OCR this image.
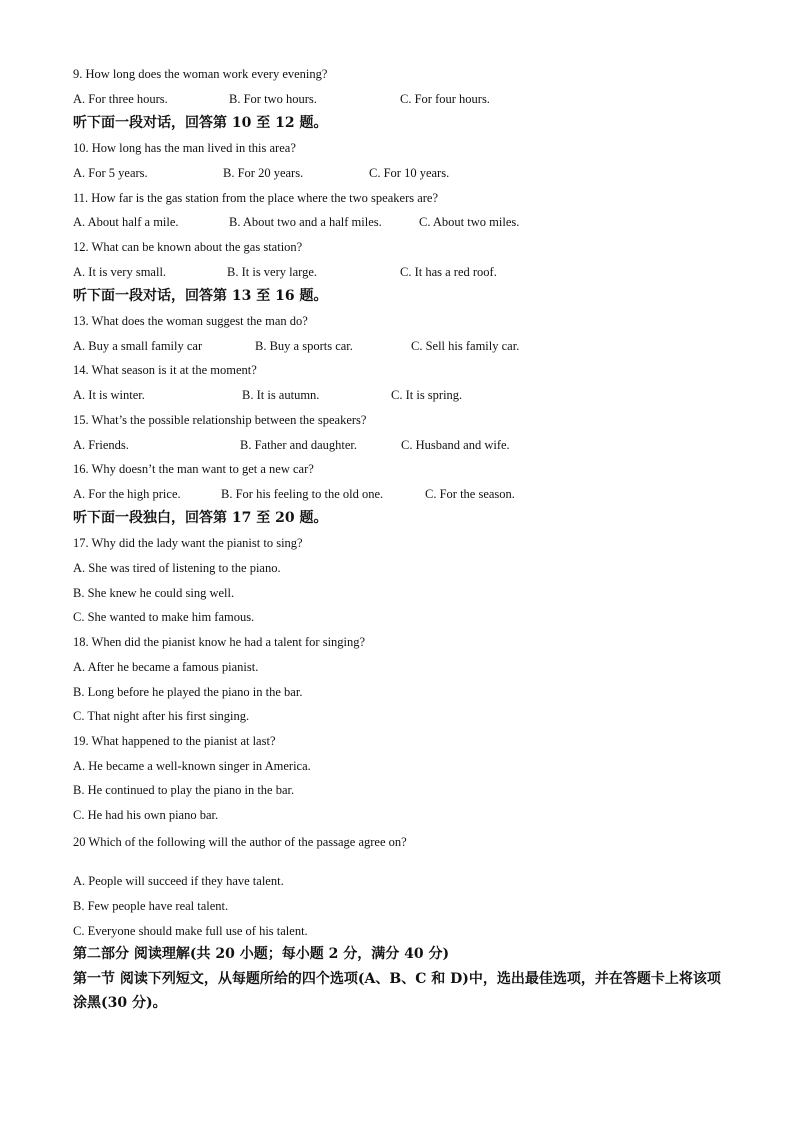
9. How long does the woman work every evening?
A. For three hours.	B. For two hours.	C. For four hours.
听下面一段对话，回答第 10 至 12 题。
10. How long has the man lived in this area?
A. For 5 years.	B. For 20 years.	C. For 10 years.
11. How far is the gas station from the place where the two speakers are?
A. About half a mile.	B. About two and a half miles.	C. About two miles.
12. What can be known about the gas station?
A. It is very small.	B. It is very large.	C. It has a red roof.
听下面一段对话，回答第 13 至 16 题。
13. What does the woman suggest the man do?
A. Buy a small family car	B. Buy a sports car.	C. Sell his family car.
14. What season is it at the moment?
A. It is winter.	B. It is autumn.	C. It is spring.
15. What’s the possible relationship between the speakers?
A. Friends.	B. Father and daughter.	C. Husband and wife.
16. Why doesn’t the man want to get a new car?
A. For the high price.	B. For his feeling to the old one.	C. For the season.
听下面一段独白，回答第 17 至 20 题。
17. Why did the lady want the pianist to sing?
A. She was tired of listening to the piano.
B. She knew he could sing well.
C. She wanted to make him famous.
18. When did the pianist know he had a talent for singing?
A. After he became a famous pianist.
B. Long before he played the piano in the bar.
C. That night after his first singing.
19. What happened to the pianist at last?
A. He became a well-known singer in America.
B. He continued to play the piano in the bar.
C. He had his own piano bar.
20 Which of the following will the author of the passage agree on?
A. People will succeed if they have talent.
B. Few people have real talent.
C. Everyone should make full use of his talent.
第二部分 阅读理解(共 20 小题；每小题 2 分，满分 40 分)
第一节 阅读下列短文，从每题所给的四个选项(A、B、C 和 D)中，选出最佳选项，并在答题卡上将该项涂黑(30 分)。
